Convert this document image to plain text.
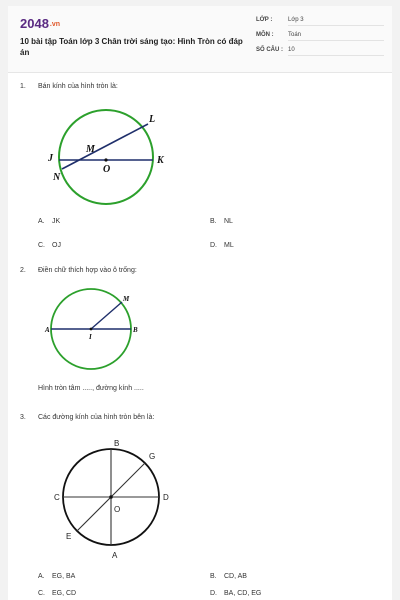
2048.vn
10 bài tập Toán lớp 3 Chân trời sáng tạo: Hình Tròn có đáp án
LỚP :	Lớp 3
MÔN :	Toán
SỐ CÂU : 10
1. Bán kính của hình tròn là:
L
M
J
O
K
N
A. JK	B. NL
C. OJ	D. ML
2. Điền chữ thích hợp vào ô trống:
M
A
I
B
Hình tròn tâm ....., đường kính .....
3. Các đường kính của hình tròn bên là:
B
G
C	D
O
E
A
A. EG, BA	B. CD, AB
C. EG, CD	D. BA, CD, EG
